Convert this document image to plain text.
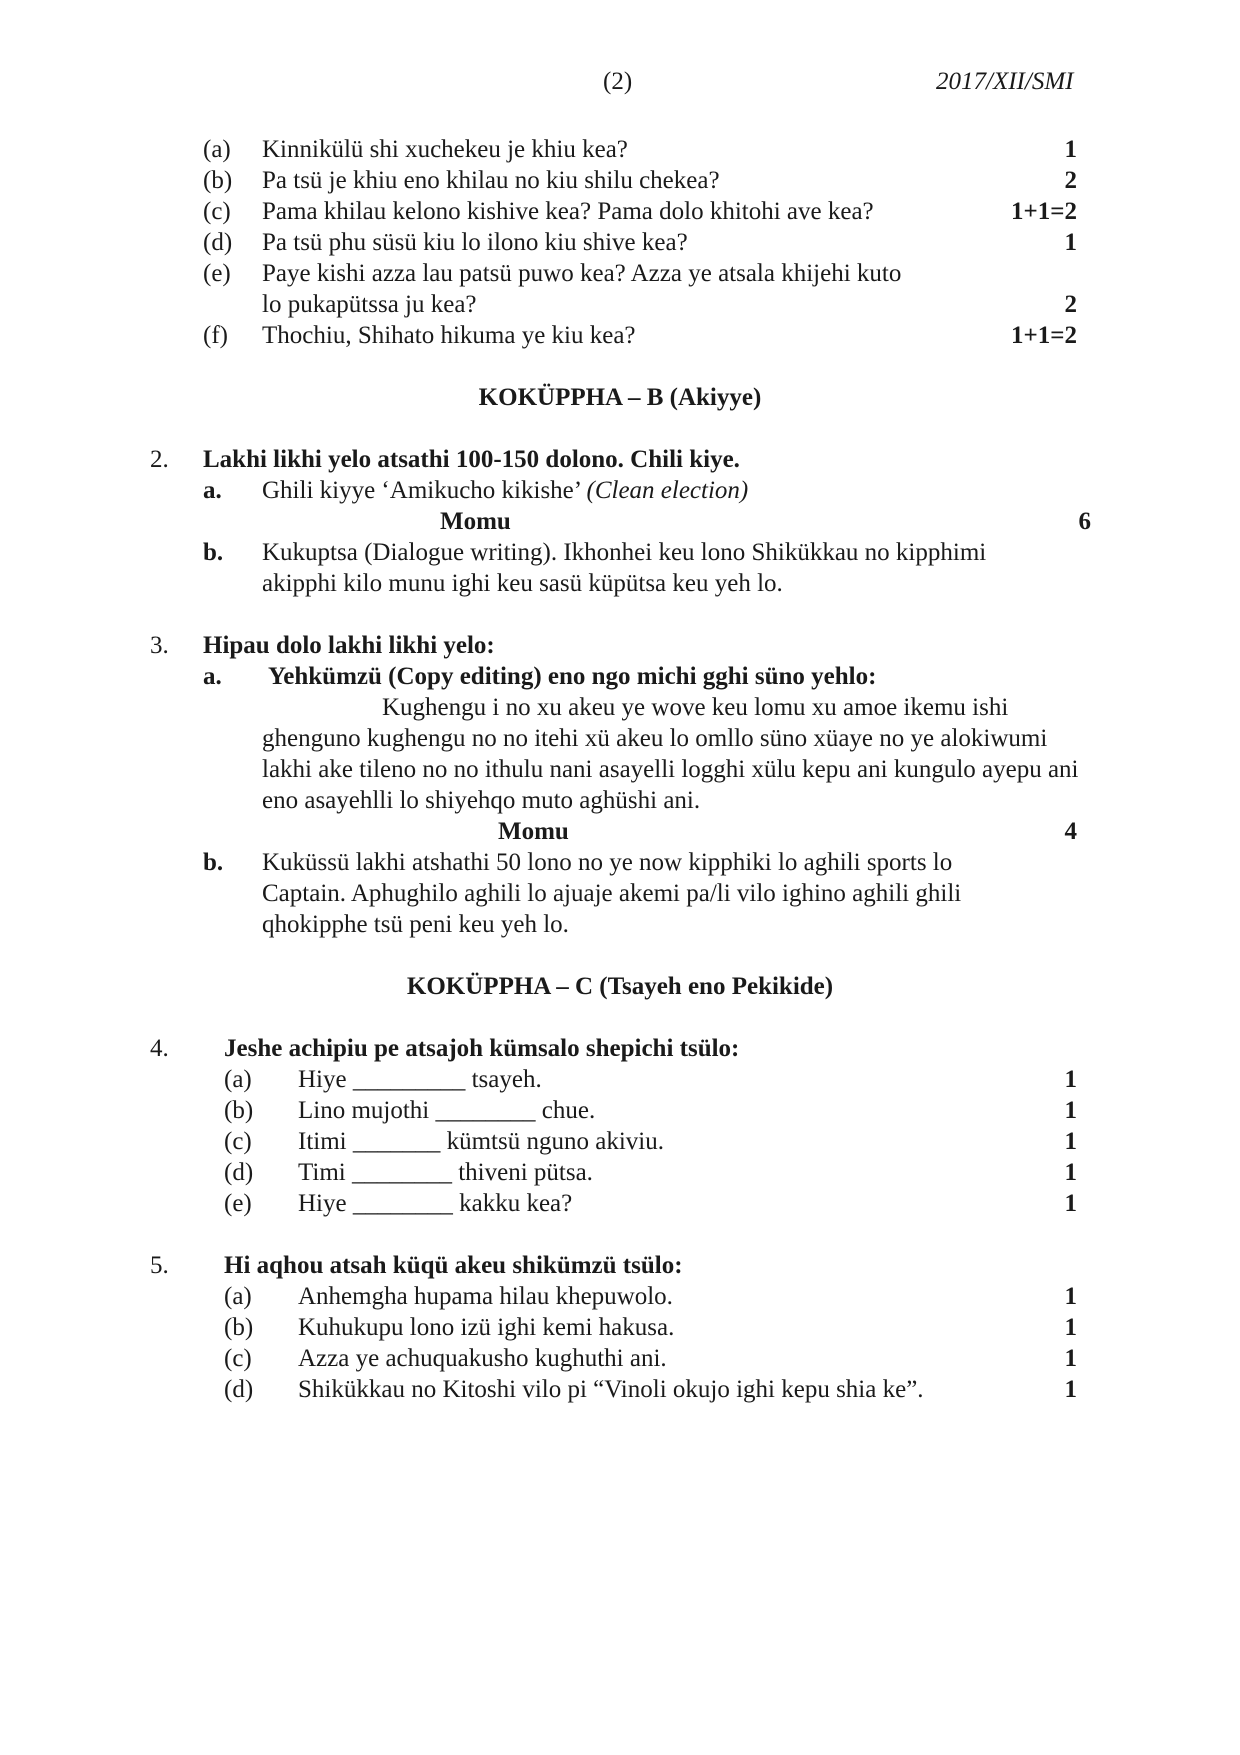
(2)	2017/XII/SMI
(a) Kinnikülü shi xuchekeu je khiu kea?	1
(b) Pa tsü je khiu eno khilau no kiu shilu chekea?	2
(c) Pama khilau kelono kishive kea? Pama dolo khitohi ave kea?	1+1=2
(d) Pa tsü phu süsü kiu lo ilono kiu shive kea?	1
(e) Paye kishi azza lau patsü puwo kea? Azza ye atsala khijehi kuto
lo pukapütssa ju kea?	2
(f) Thochiu, Shihato hikuma ye kiu kea?	1+1=2
KOKÜPPHA – B (Akiyye)
2. Lakhi likhi yelo atsathi 100-150 dolono. Chili kiye.
a. Ghili kiyye ‘Amikucho kikishe’ (Clean election)
Momu	6
b. Kukuptsa (Dialogue writing). Ikhonhei keu lono Shikükkau no kipphimi
akipphi kilo munu ighi keu sasü küpütsa keu yeh lo.
3. Hipau dolo lakhi likhi yelo:
a. Yehkümzü (Copy editing) eno ngo michi gghi süno yehlo:
Kughengu i no xu akeu ye wove keu lomu xu amoe ikemu ishi ghenguno kughengu no no itehi xü akeu lo omllo süno xüaye no ye alokiwumi lakhi ake tileno no no ithulu nani asayelli logghi xülu kepu ani kungulo ayepu ani eno asayehlli lo shiyehqo muto aghüshi ani.
Momu	4
b. Kuküssü lakhi atshathi 50 lono no ye now kipphiki lo aghili sports lo
Captain. Aphughilo aghili lo ajuaje akemi pa/li vilo ighino aghili ghili
qhokipphe tsü peni keu yeh lo.
KOKÜPPHA – C (Tsayeh eno Pekikide)
4. Jeshe achipiu pe atsajoh kümsalo shepichi tsülo:
(a) Hiye _________ tsayeh.	1
(b) Lino mujothi ________ chue.	1
(c) Itimi _______ kümtsü nguno akiviu.	1
(d) Timi ________ thiveni pütsa.	1
(e) Hiye ________ kakku kea?	1
5. Hi aqhou atsah küqü akeu shikümzü tsülo:
(a) Anhemgha hupama hilau khepuwolo.	1
(b) Kuhukupu lono izü ighi kemi hakusa.	1
(c) Azza ye achuquakusho kughuthi ani.	1
(d) Shikükkau no Kitoshi vilo pi “Vinoli okujo ighi kepu shia ke”.	1
